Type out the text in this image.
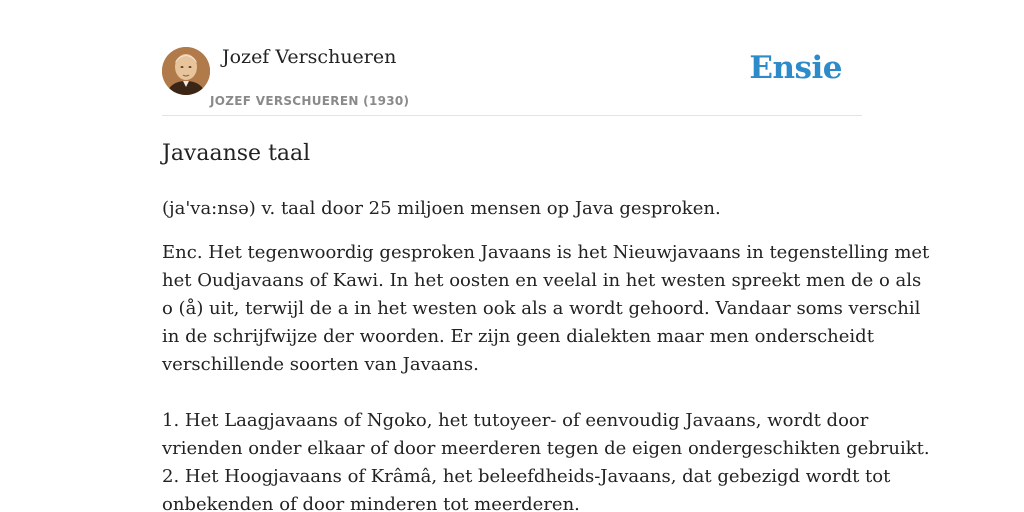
Jozef Verschueren
JOZEF VERSCHUEREN (1930)
Ensie
Javaanse taal

(ja'va:nsə) v. taal door 25 miljoen mensen op Java gesproken.

Enc. Het tegenwoordig gesproken Javaans is het Nieuwjavaans in tegenstelling met
het Oudjavaans of Kawi. In het oosten en veelal in het westen spreekt men de o als
o (å) uit, terwijl de a in het westen ook als a wordt gehoord. Vandaar soms verschil
in de schrijfwijze der woorden. Er zijn geen dialekten maar men onderscheidt
verschillende soorten van Javaans.
1. Het Laagjavaans of Ngoko, het tutoyeer- of eenvoudig Javaans, wordt door
vrienden onder elkaar of door meerderen tegen de eigen ondergeschikten gebruikt.
2. Het Hoogjavaans of Krâmâ, het beleefdheids-Javaans, dat gebezigd wordt tot
onbekenden of door minderen tot meerderen.
